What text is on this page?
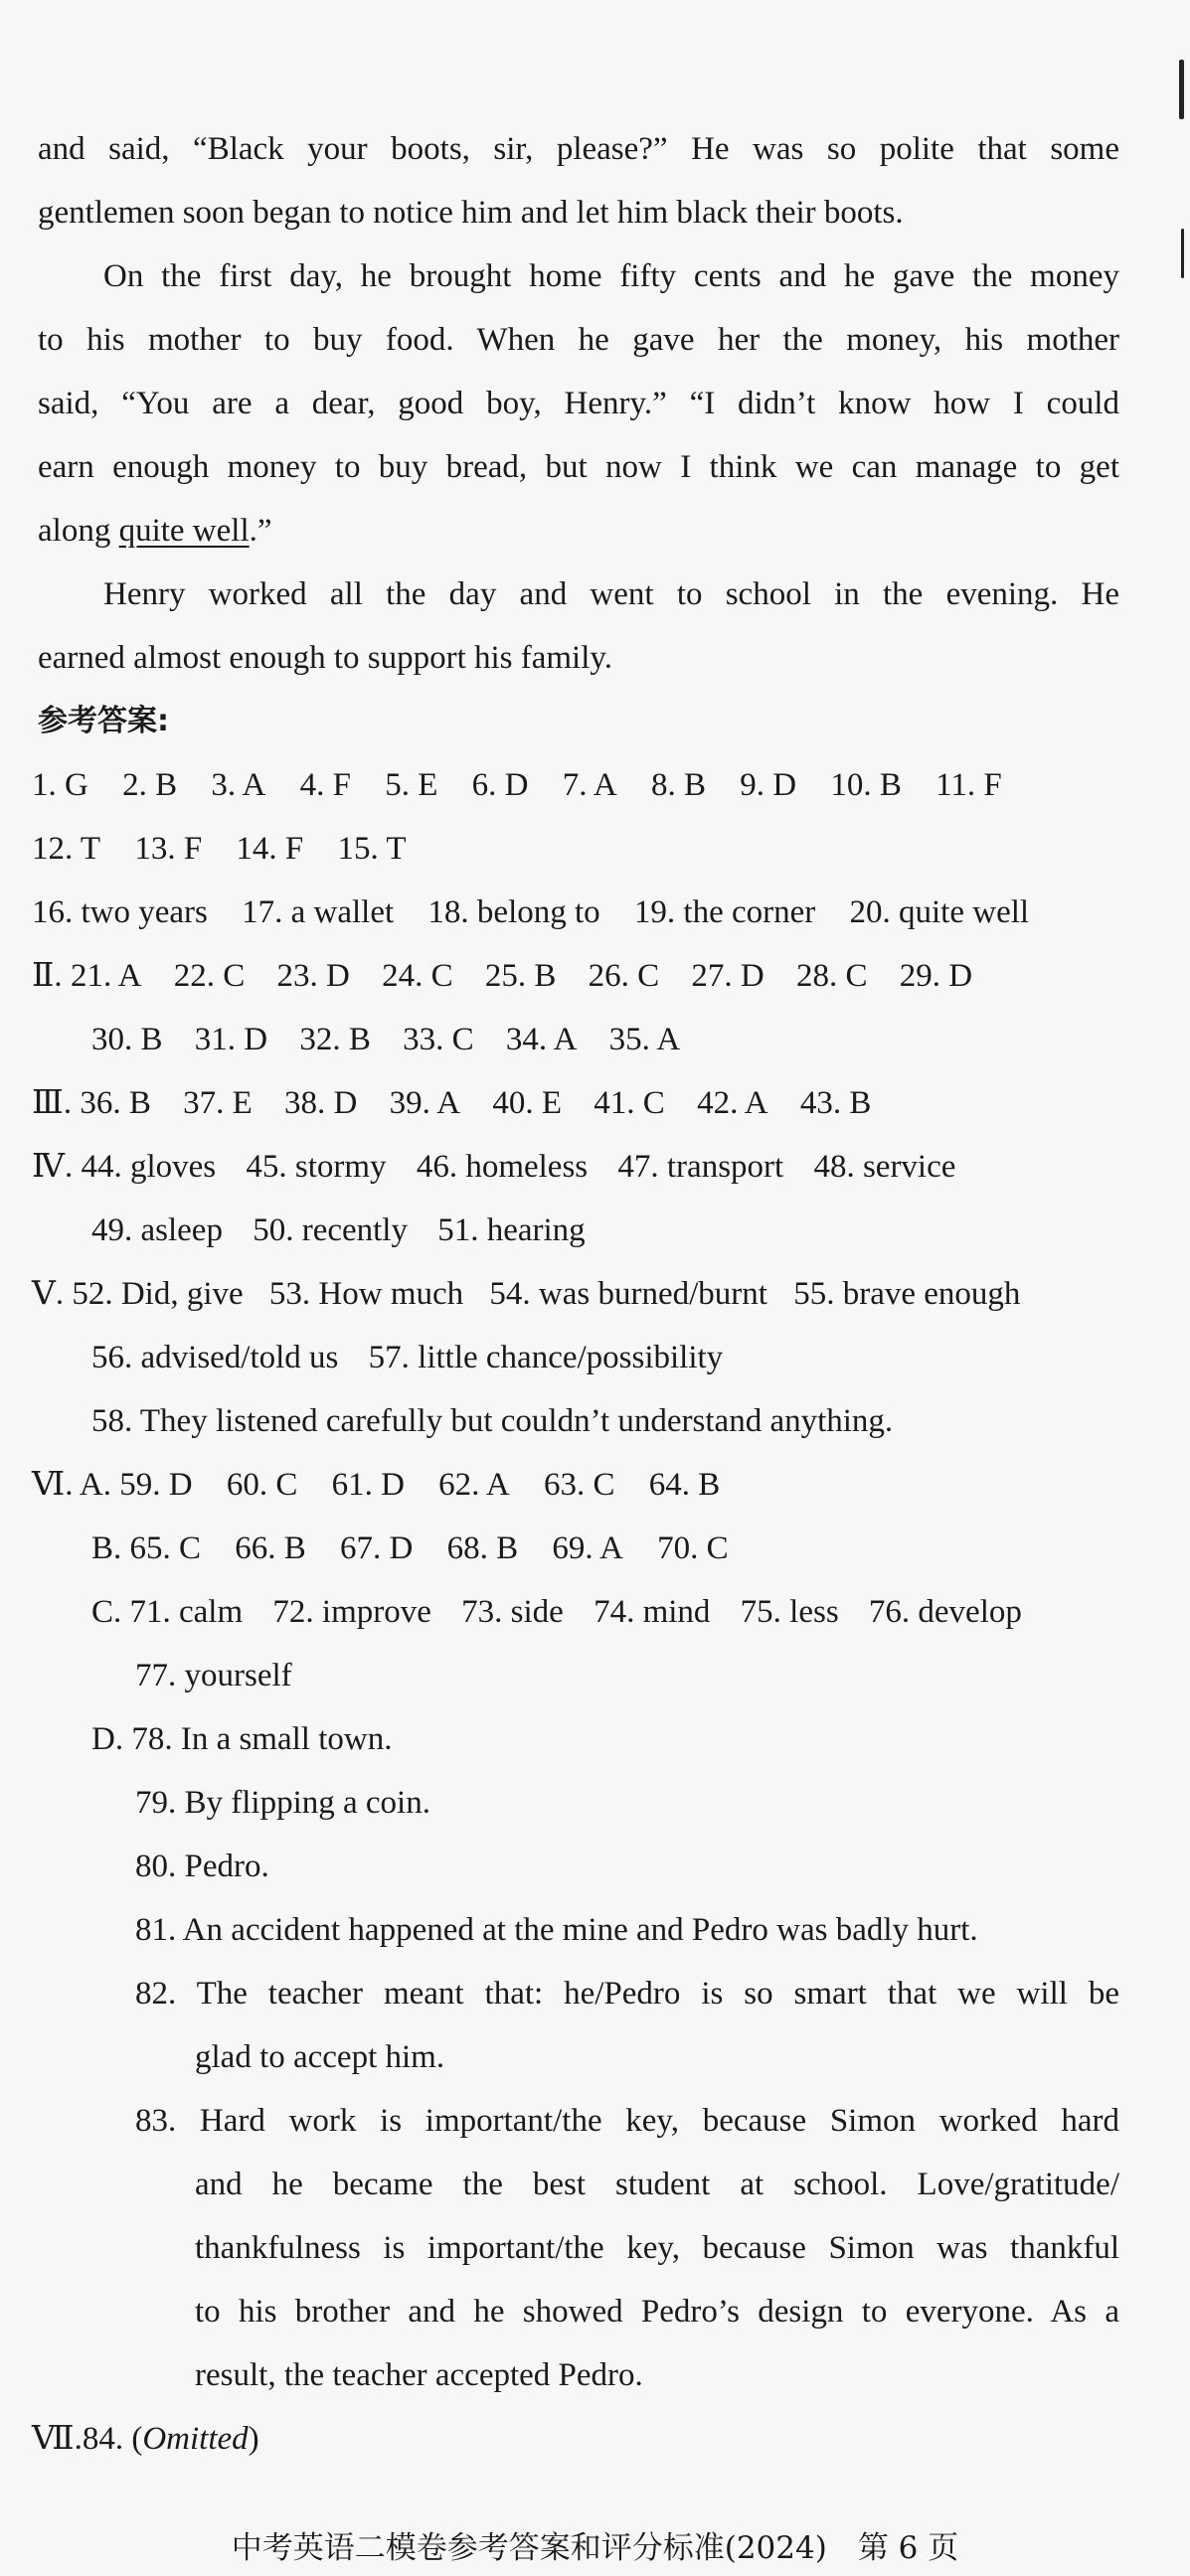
and said, “Black your boots, sir, please?” He was so polite that some
gentlemen soon began to notice him and let him black their boots.
On the first day, he brought home fifty cents and he gave the money
to his mother to buy food. When he gave her the money, his mother
said, “You are a dear, good boy, Henry.” “I didn’t know how I could
earn enough money to buy bread, but now I think we can manage to get
along quite well.”
Henry worked all the day and went to school in the evening. He
earned almost enough to support his family.
参考答案:
1. G 2. B 3. A 4. F 5. E 6. D 7. A 8. B 9. D 10. B 11. F
12. T 13. F 14. F 15. T
16. two years 17. a wallet 18. belong to 19. the corner 20. quite well
Ⅱ. 21. A 22. C 23. D 24. C 25. B 26. C 27. D 28. C 29. D
30. B 31. D 32. B 33. C 34. A 35. A
Ⅲ. 36. B 37. E 38. D 39. A 40. E 41. C 42. A 43. B
Ⅳ. 44. gloves 45. stormy 46. homeless 47. transport 48. service
49. asleep 50. recently 51. hearing
Ⅴ. 52. Did, give 53. How much 54. was burned/burnt 55. brave enough
56. advised/told us 57. little chance/possibility
58. They listened carefully but couldn’t understand anything.
Ⅵ. A. 59. D 60. C 61. D 62. A 63. C 64. B
B. 65. C 66. B 67. D 68. B 69. A 70. C
C. 71. calm 72. improve 73. side 74. mind 75. less 76. develop
77. yourself
D. 78. In a small town.
79. By flipping a coin.
80. Pedro.
81. An accident happened at the mine and Pedro was badly hurt.
82. The teacher meant that: he/Pedro is so smart that we will be
glad to accept him.
83. Hard work is important/the key, because Simon worked hard
and he became the best student at school. Love/gratitude/
thankfulness is important/the key, because Simon was thankful
to his brother and he showed Pedro’s design to everyone. As a
result, the teacher accepted Pedro.
Ⅶ.84. (Omitted)
中考英语二模卷参考答案和评分标准(2024)　第 6 页
